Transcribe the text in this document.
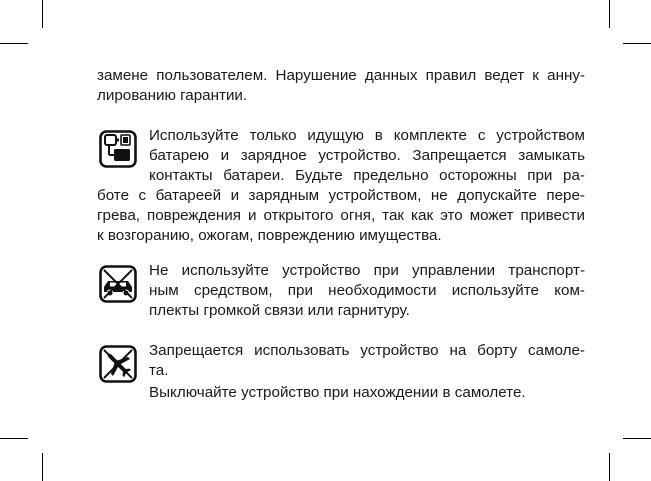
замене пользователем. Нарушение данных правил ведет к анну-
лированию гарантии.
Используйте только идущую в комплекте с устройством
батарею и зарядное устройство. Запрещается замыкать
контакты батареи. Будьте предельно осторожны при ра-
боте с батареей и зарядным устройством, не допускайте пере-
грева, повреждения и открытого огня, так как это может привести
к возгоранию, ожогам, повреждению имущества.
Не используйте устройство при управлении транспорт-
ным средством, при необходимости используйте ком-
плекты громкой связи или гарнитуру.
Запрещается использовать устройство на борту самоле-
та.
Выключайте устройство при нахождении в самолете.
